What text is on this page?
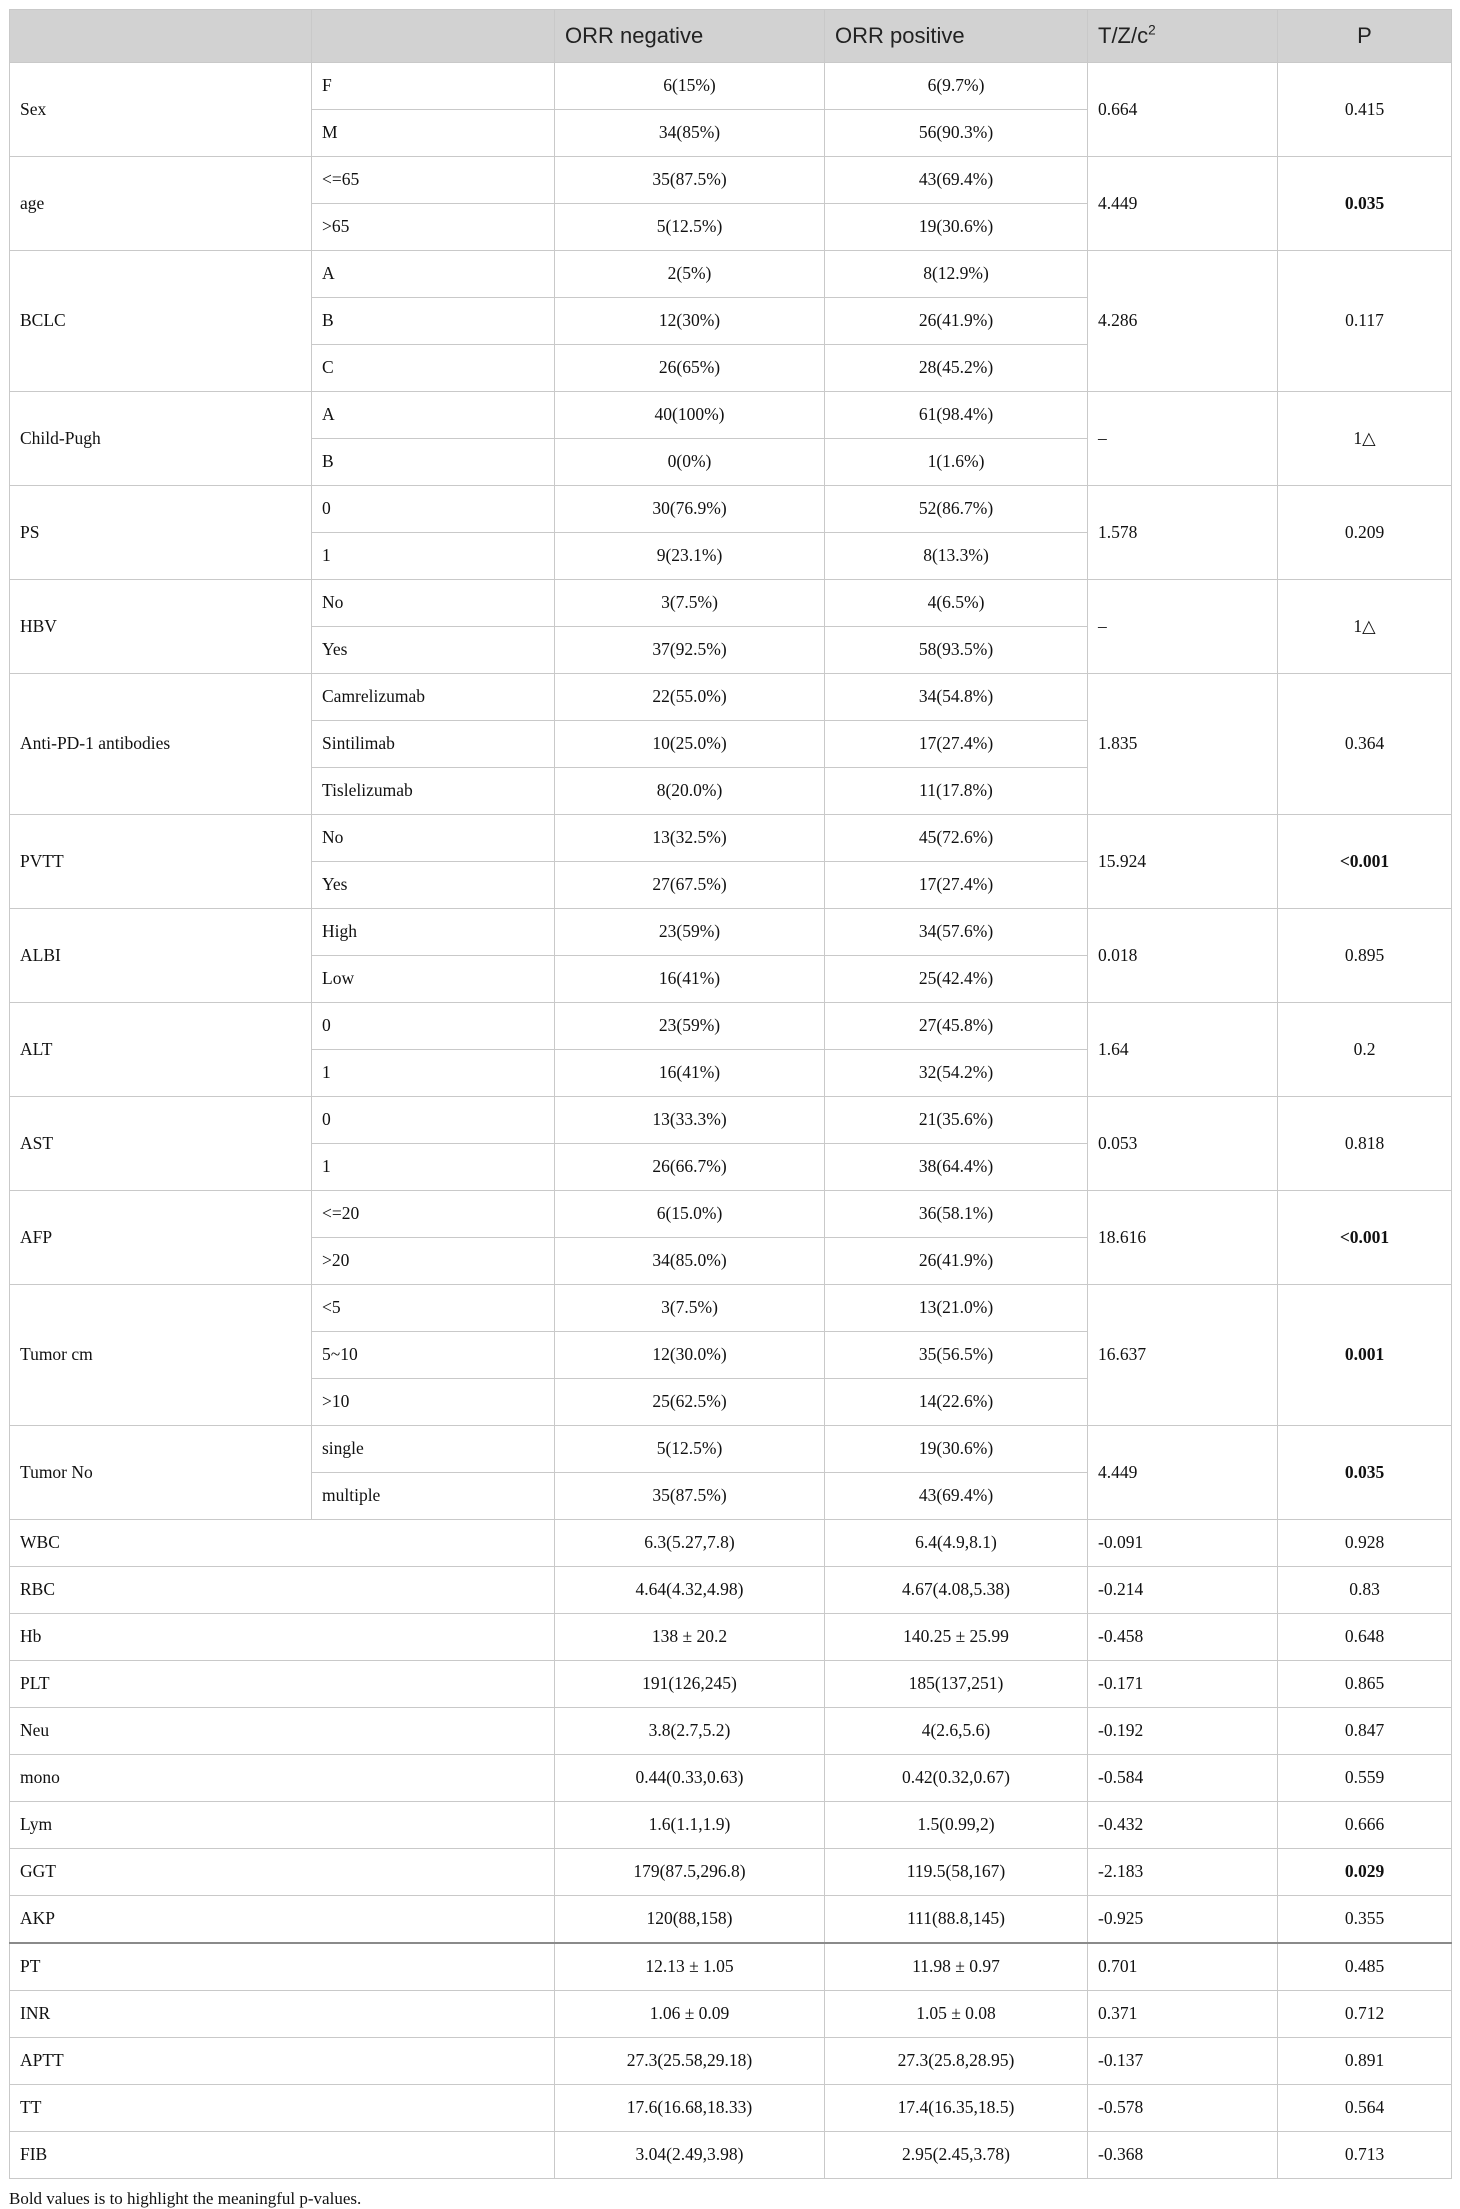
		ORR negative	ORR positive	$T/Z/c^2$	P
Sex	F	6(15%)	6(9.7%)	0.664	0.415
	M	34(85%)	56(90.3%)		
age	<=65	35(87.5%)	43(69.4%)	4.449	0.035
	>65	5(12.5%)	19(30.6%)		
BCLC	A	2(5%)	8(12.9%)	4.286	0.117
	B	12(30%)	26(41.9%)		
	C	26(65%)	28(45.2%)		
Child-Pugh	A	40(100%)	61(98.4%)	–	1△
	B	0(0%)	1(1.6%)		
PS	0	30(76.9%)	52(86.7%)	1.578	0.209
	1	9(23.1%)	8(13.3%)		
HBV	No	3(7.5%)	4(6.5%)	–	1△
	Yes	37(92.5%)	58(93.5%)		
Anti-PD-1 antibodies	Camrelizumab	22(55.0%)	34(54.8%)	1.835	0.364
	Sintilimab	10(25.0%)	17(27.4%)		
	Tislelizumab	8(20.0%)	11(17.8%)		
PVTT	No	13(32.5%)	45(72.6%)	15.924	<0.001
	Yes	27(67.5%)	17(27.4%)		
ALBI	High	23(59%)	34(57.6%)	0.018	0.895
	Low	16(41%)	25(42.4%)		
ALT	0	23(59%)	27(45.8%)	1.64	0.2
	1	16(41%)	32(54.2%)		
AST	0	13(33.3%)	21(35.6%)	0.053	0.818
	1	26(66.7%)	38(64.4%)		
AFP	<=20	6(15.0%)	36(58.1%)	18.616	<0.001
	>20	34(85.0%)	26(41.9%)		
Tumor cm	<5	3(7.5%)	13(21.0%)	16.637	0.001
	5~10	12(30.0%)	35(56.5%)		
	>10	25(62.5%)	14(22.6%)		
Tumor No	single	5(12.5%)	19(30.6%)	4.449	0.035
	multiple	35(87.5%)	43(69.4%)		
WBC		6.3(5.27,7.8)	6.4(4.9,8.1)	-0.091	0.928
RBC		4.64(4.32,4.98)	4.67(4.08,5.38)	-0.214	0.83
Hb		138 ± 20.2	140.25 ± 25.99	-0.458	0.648
PLT		191(126,245)	185(137,251)	-0.171	0.865
Neu		3.8(2.7,5.2)	4(2.6,5.6)	-0.192	0.847
mono		0.44(0.33,0.63)	0.42(0.32,0.67)	-0.584	0.559
Lym		1.6(1.1,1.9)	1.5(0.99,2)	-0.432	0.666
GGT		179(87.5,296.8)	119.5(58,167)	-2.183	0.029
AKP		120(88,158)	111(88.8,145)	-0.925	0.355
PT		12.13 ± 1.05	11.98 ± 0.97	0.701	0.485
INR		1.06 ± 0.09	1.05 ± 0.08	0.371	0.712
APTT		27.3(25.58,29.18)	27.3(25.8,28.95)	-0.137	0.891
TT		17.6(16.68,18.33)	17.4(16.35,18.5)	-0.578	0.564
FIB		3.04(2.49,3.98)	2.95(2.45,3.78)	-0.368	0.713
Bold values is to highlight the meaningful p-values.
